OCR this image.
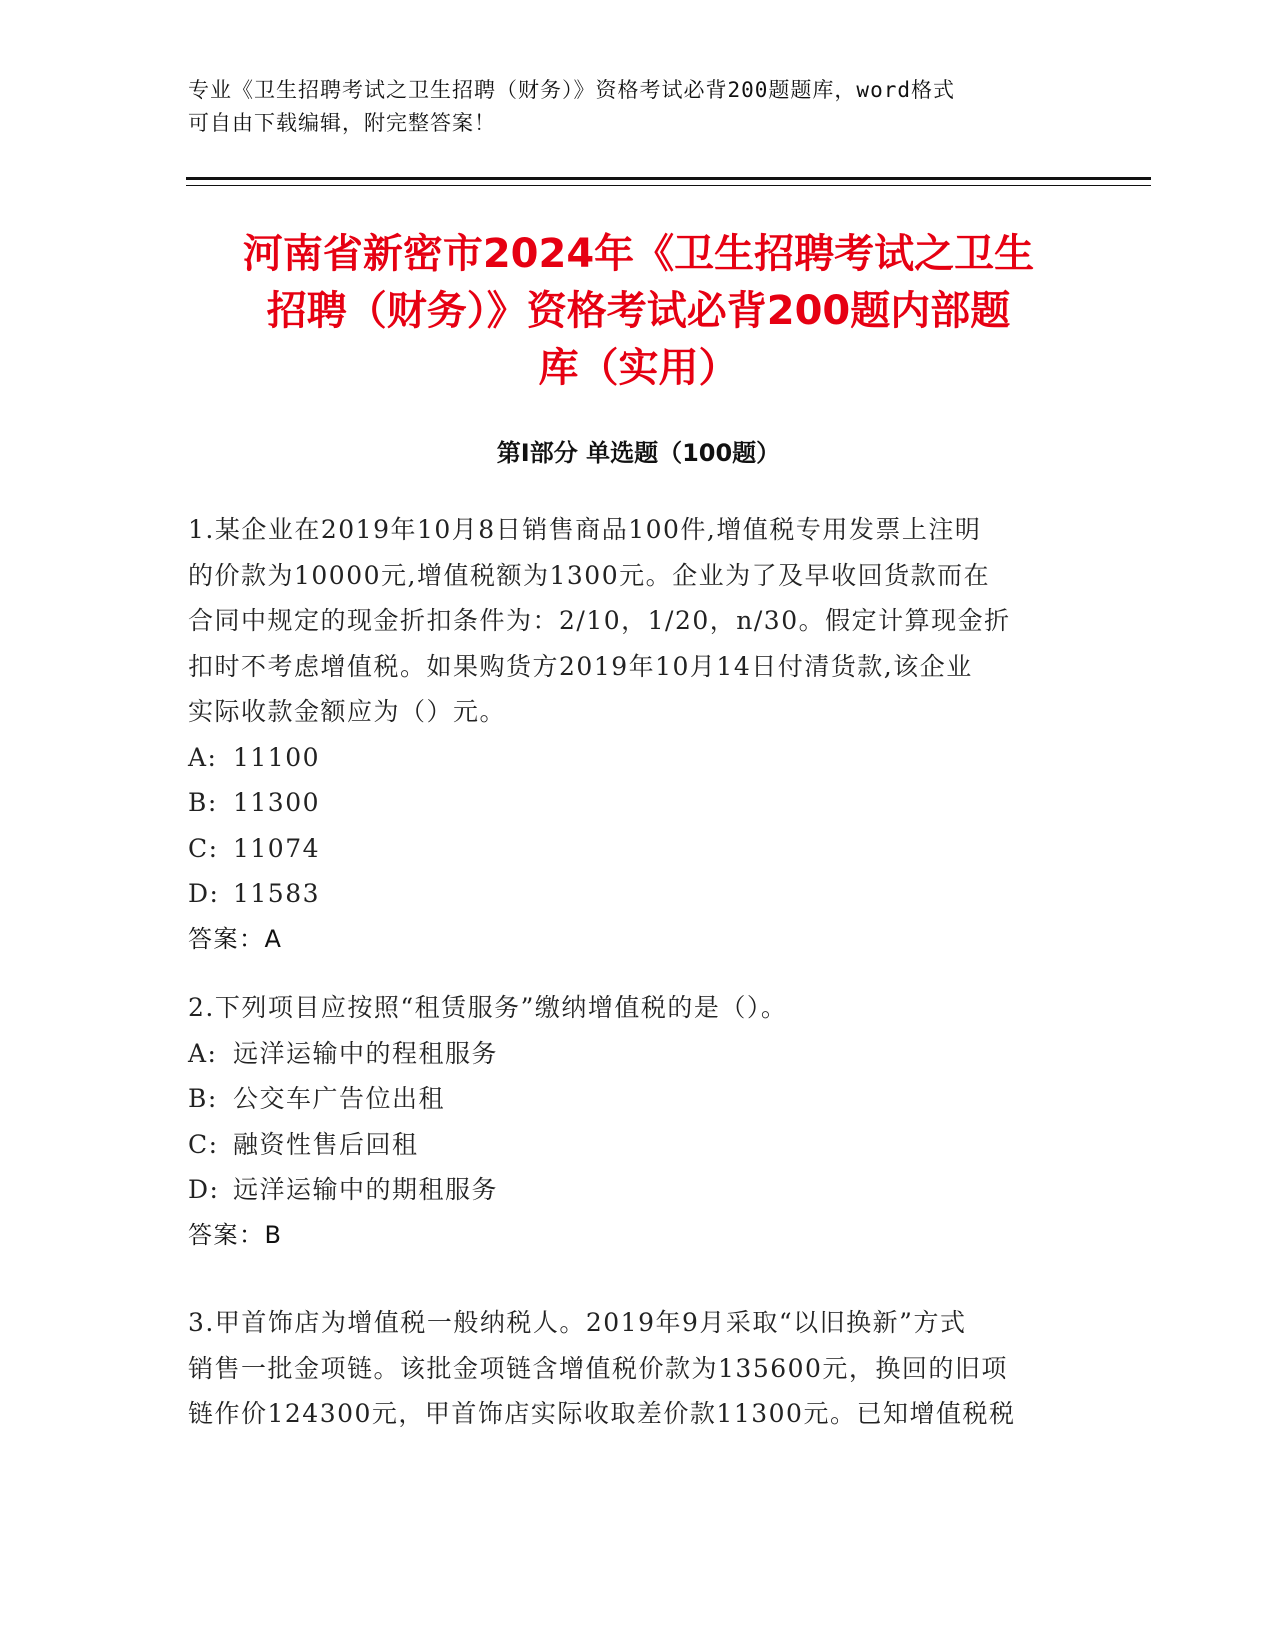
专业《卫生招聘考试之卫生招聘（财务）》资格考试必背200题题库，word格式
可自由下载编辑，附完整答案！
河南省新密市2024年《卫生招聘考试之卫生
招聘（财务）》资格考试必背200题内部题
库（实用）
第Ⅰ部分 单选题（100题）

1.某企业在2019年10月8日销售商品100件,增值税专用发票上注明
的价款为10000元,增值税额为1300元。企业为了及早收回货款而在
合同中规定的现金折扣条件为：2/10，1/20，n/30。假定计算现金折
扣时不考虑增值税。如果购货方2019年10月14日付清货款,该企业
实际收款金额应为（）元。

A: 11100

B: 11300

C: 11074

D: 11583

答案：A

2.下列项目应按照“租赁服务”缴纳增值税的是（）。

A: 远洋运输中的程租服务

B: 公交车广告位出租

C: 融资性售后回租

D: 远洋运输中的期租服务

答案：B

3.甲首饰店为增值税一般纳税人。2019年9月采取“以旧换新”方式
销售一批金项链。该批金项链含增值税价款为135600元，换回的旧项
链作价124300元，甲首饰店实际收取差价款11300元。已知增值税税
